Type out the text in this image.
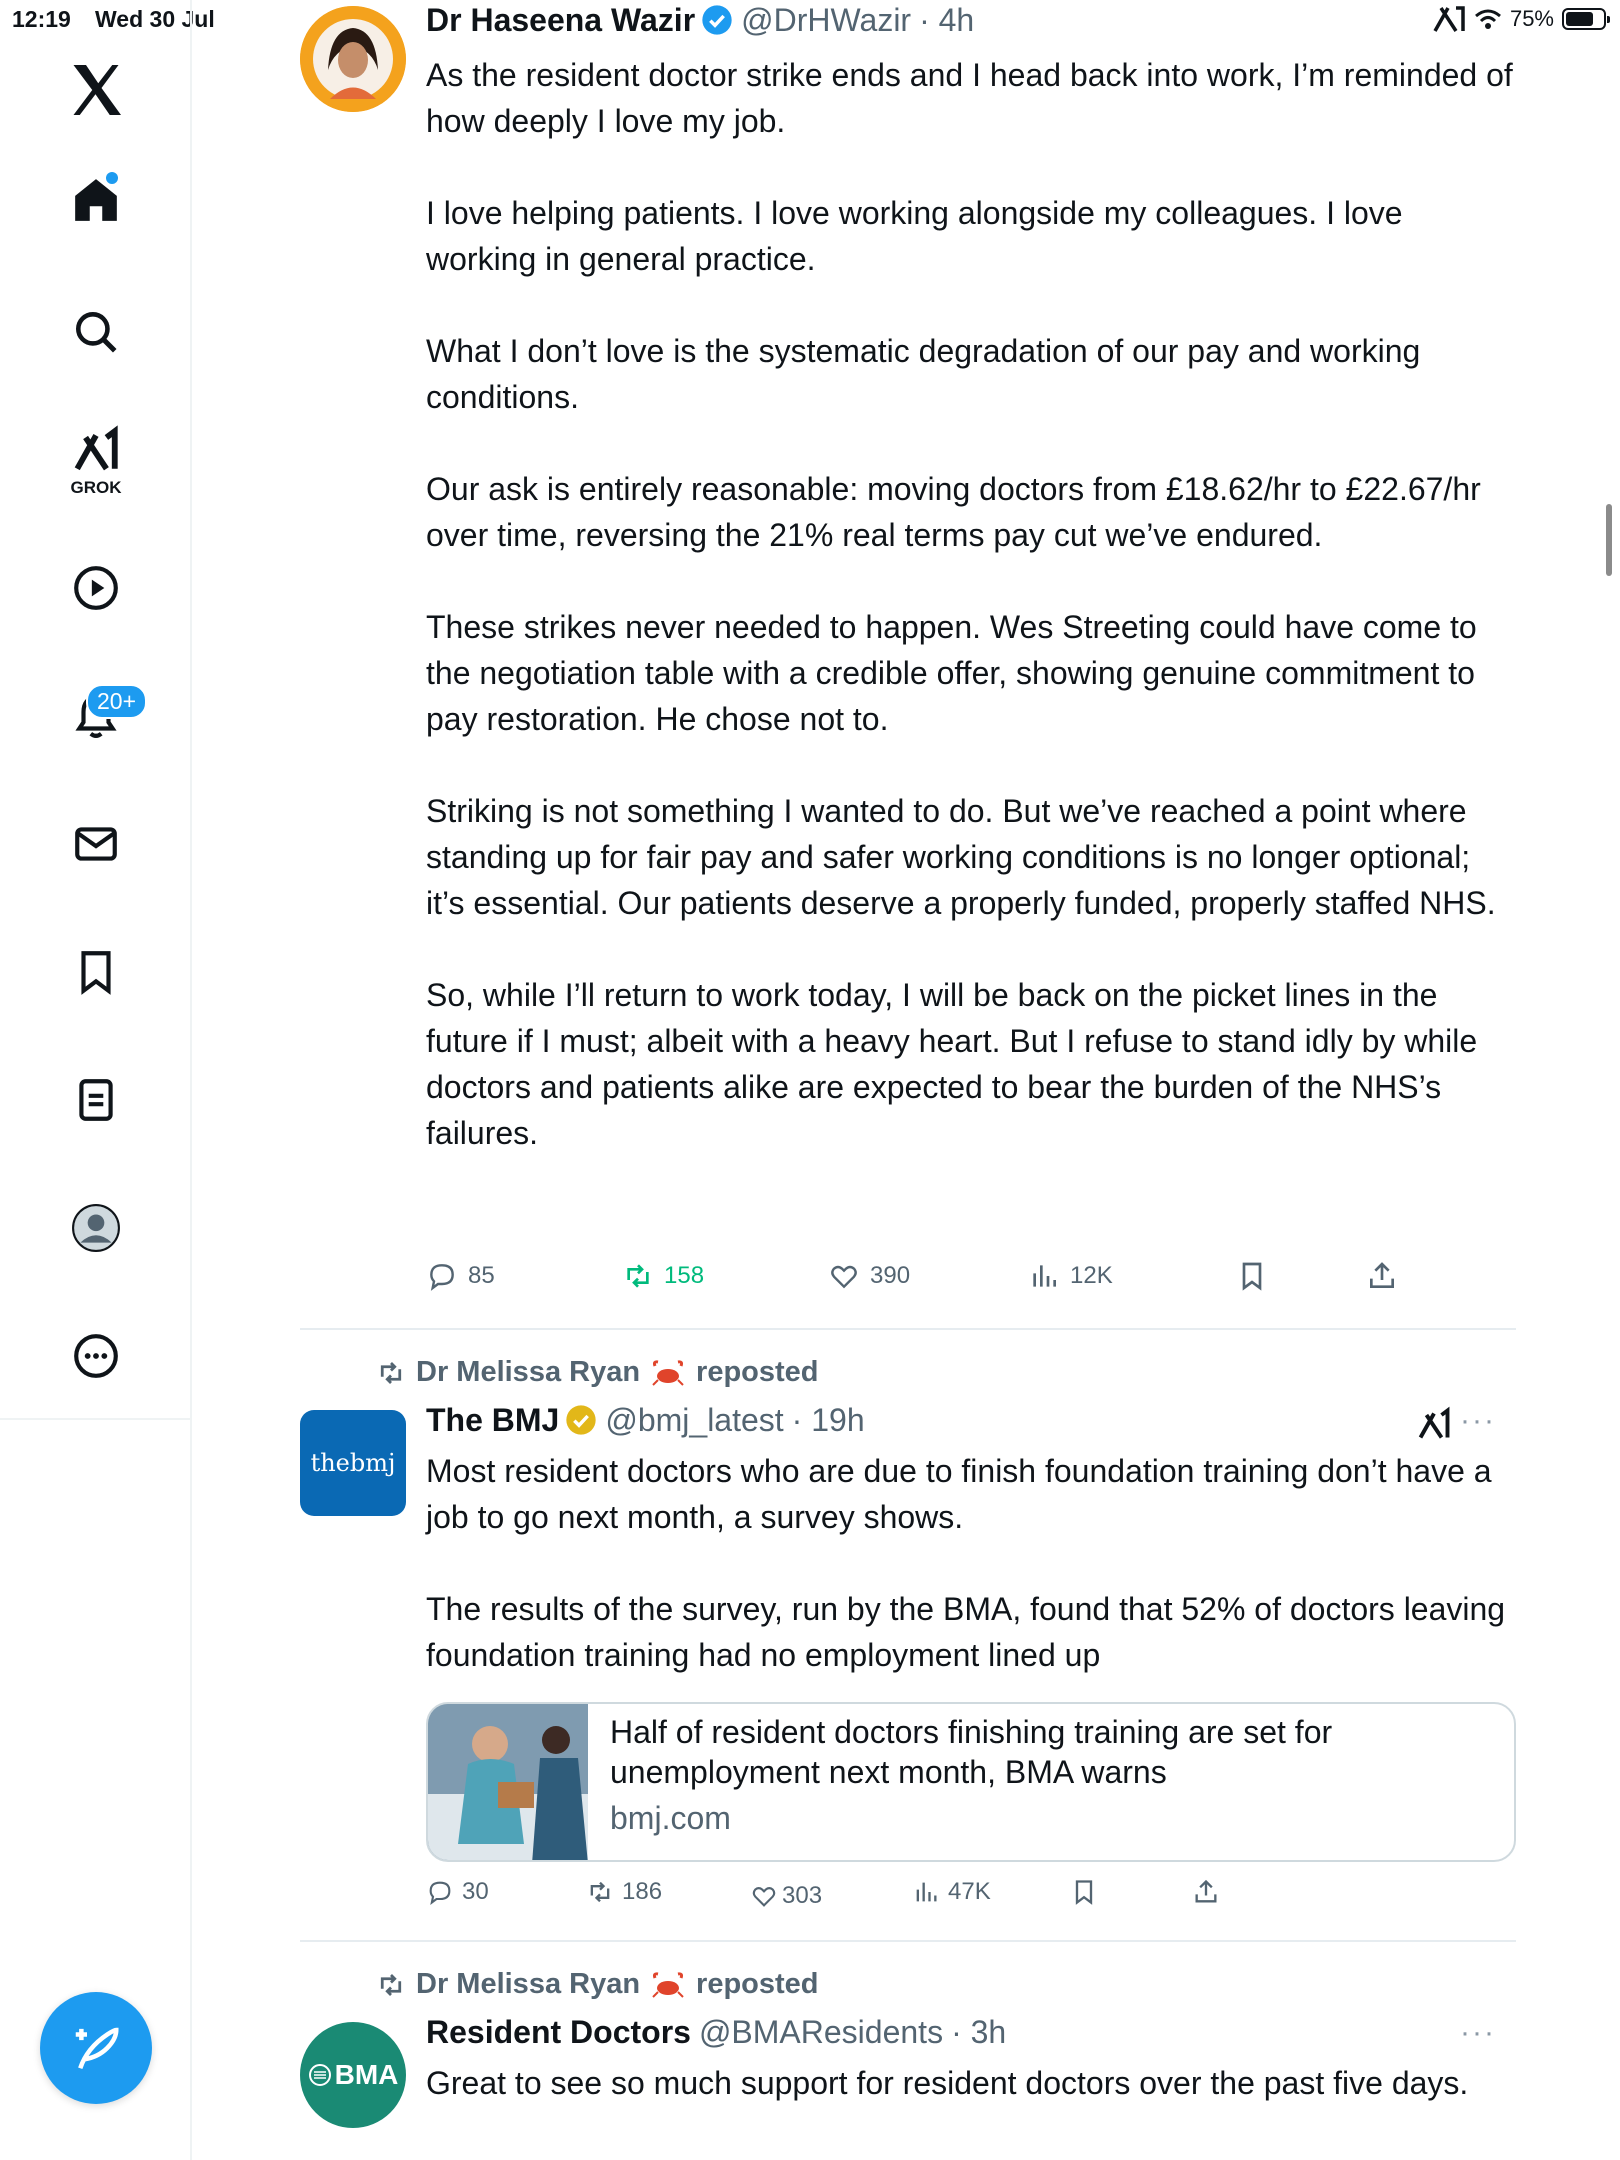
12:19 Wed 30 Jul	75%
GROK
20+
Dr Haseena Wazir @DrHWazir · 4h
As the resident doctor strike ends and I head back into work, I’m reminded of how deeply I love my job.

I love helping patients. I love working alongside my colleagues. I love working in general practice.

What I don’t love is the systematic degradation of our pay and working conditions.

Our ask is entirely reasonable: moving doctors from £18.62/hr to £22.67/hr over time, reversing the 21% real terms pay cut we’ve endured.

These strikes never needed to happen. Wes Streeting could have come to the negotiation table with a credible offer, showing genuine commitment to pay restoration. He chose not to.

Striking is not something I wanted to do. But we’ve reached a point where standing up for fair pay and safer working conditions is no longer optional; it’s essential. Our patients deserve a properly funded, properly staffed NHS.

So, while I’ll return to work today, I will be back on the picket lines in the future if I must; albeit with a heavy heart. But I refuse to stand idly by while doctors and patients alike are expected to bear the burden of the NHS’s failures.
85	158	390	12K
Dr Melissa Ryan reposted
thebmj
The BMJ @bmj_latest · 19h
Most resident doctors who are due to finish foundation training don’t have a job to go next month, a survey shows.

The results of the survey, run by the BMA, found that 52% of doctors leaving foundation training had no employment lined up
···
Half of resident doctors finishing training are set for unemployment next month, BMA warns
bmj.com
30	186	303	47K
Dr Melissa Ryan reposted
BMA
Resident Doctors @BMAResidents · 3h
Great to see so much support for resident doctors over the past five days.
···
